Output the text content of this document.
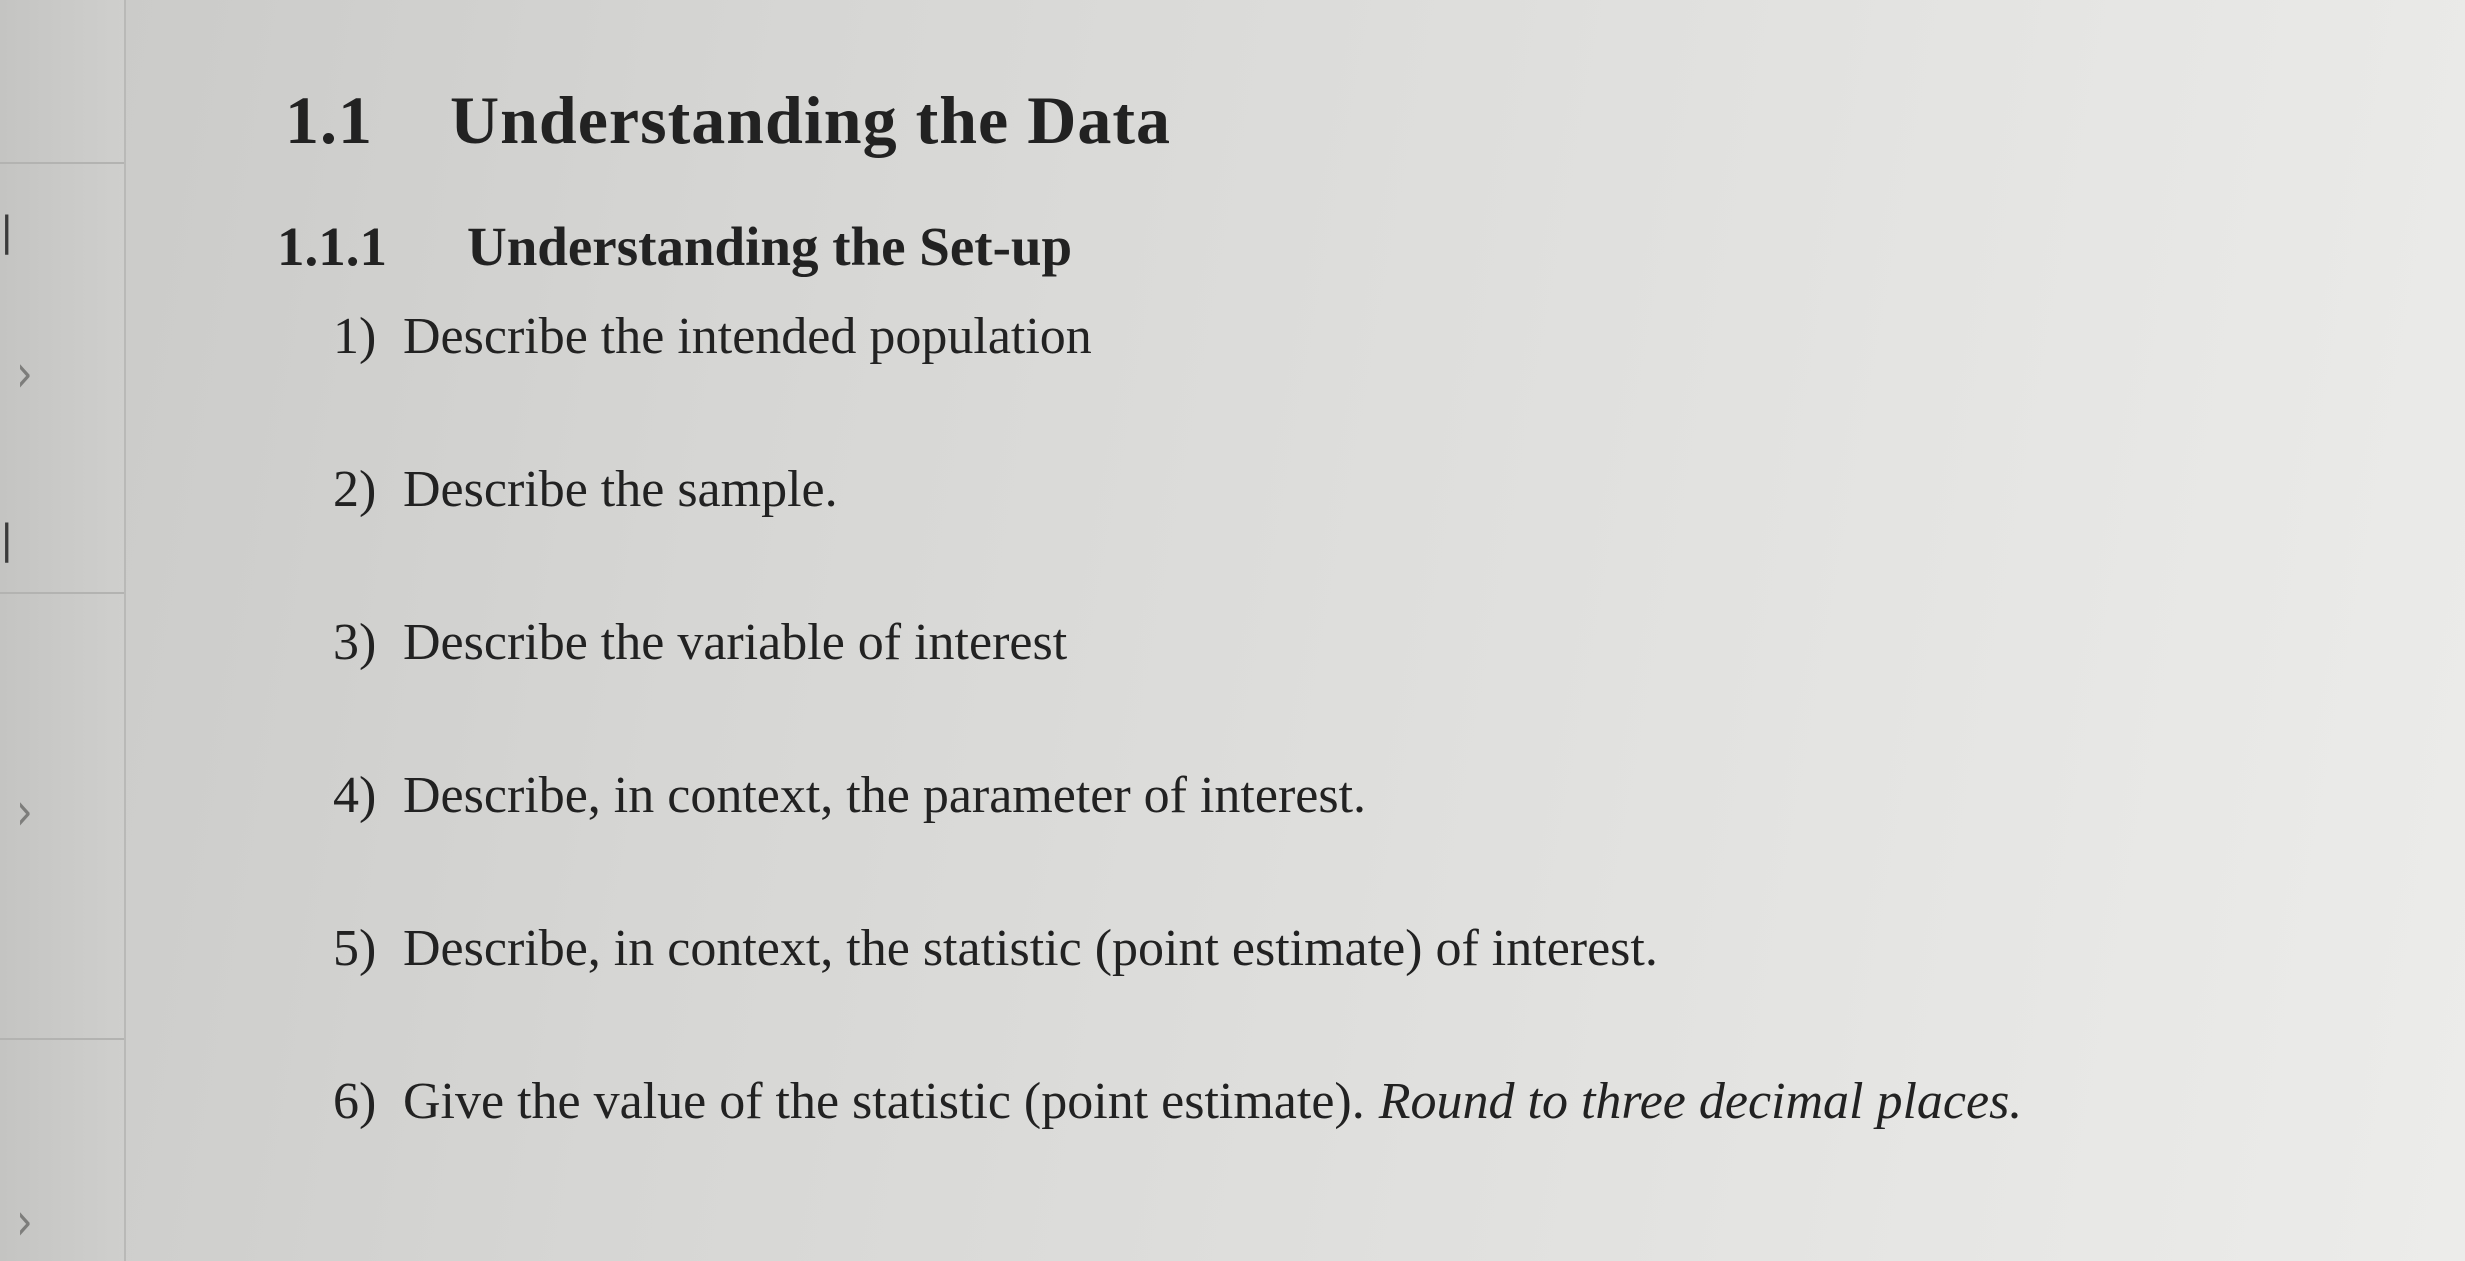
|
›
|
›
›
1.1 Understanding the Data
1.1.1 Understanding the Set-up
1) Describe the intended population
2) Describe the sample.
3) Describe the variable of interest
4) Describe, in context, the parameter of interest.
5) Describe, in context, the statistic (point estimate) of interest.
6) Give the value of the statistic (point estimate). Round to three decimal places.
